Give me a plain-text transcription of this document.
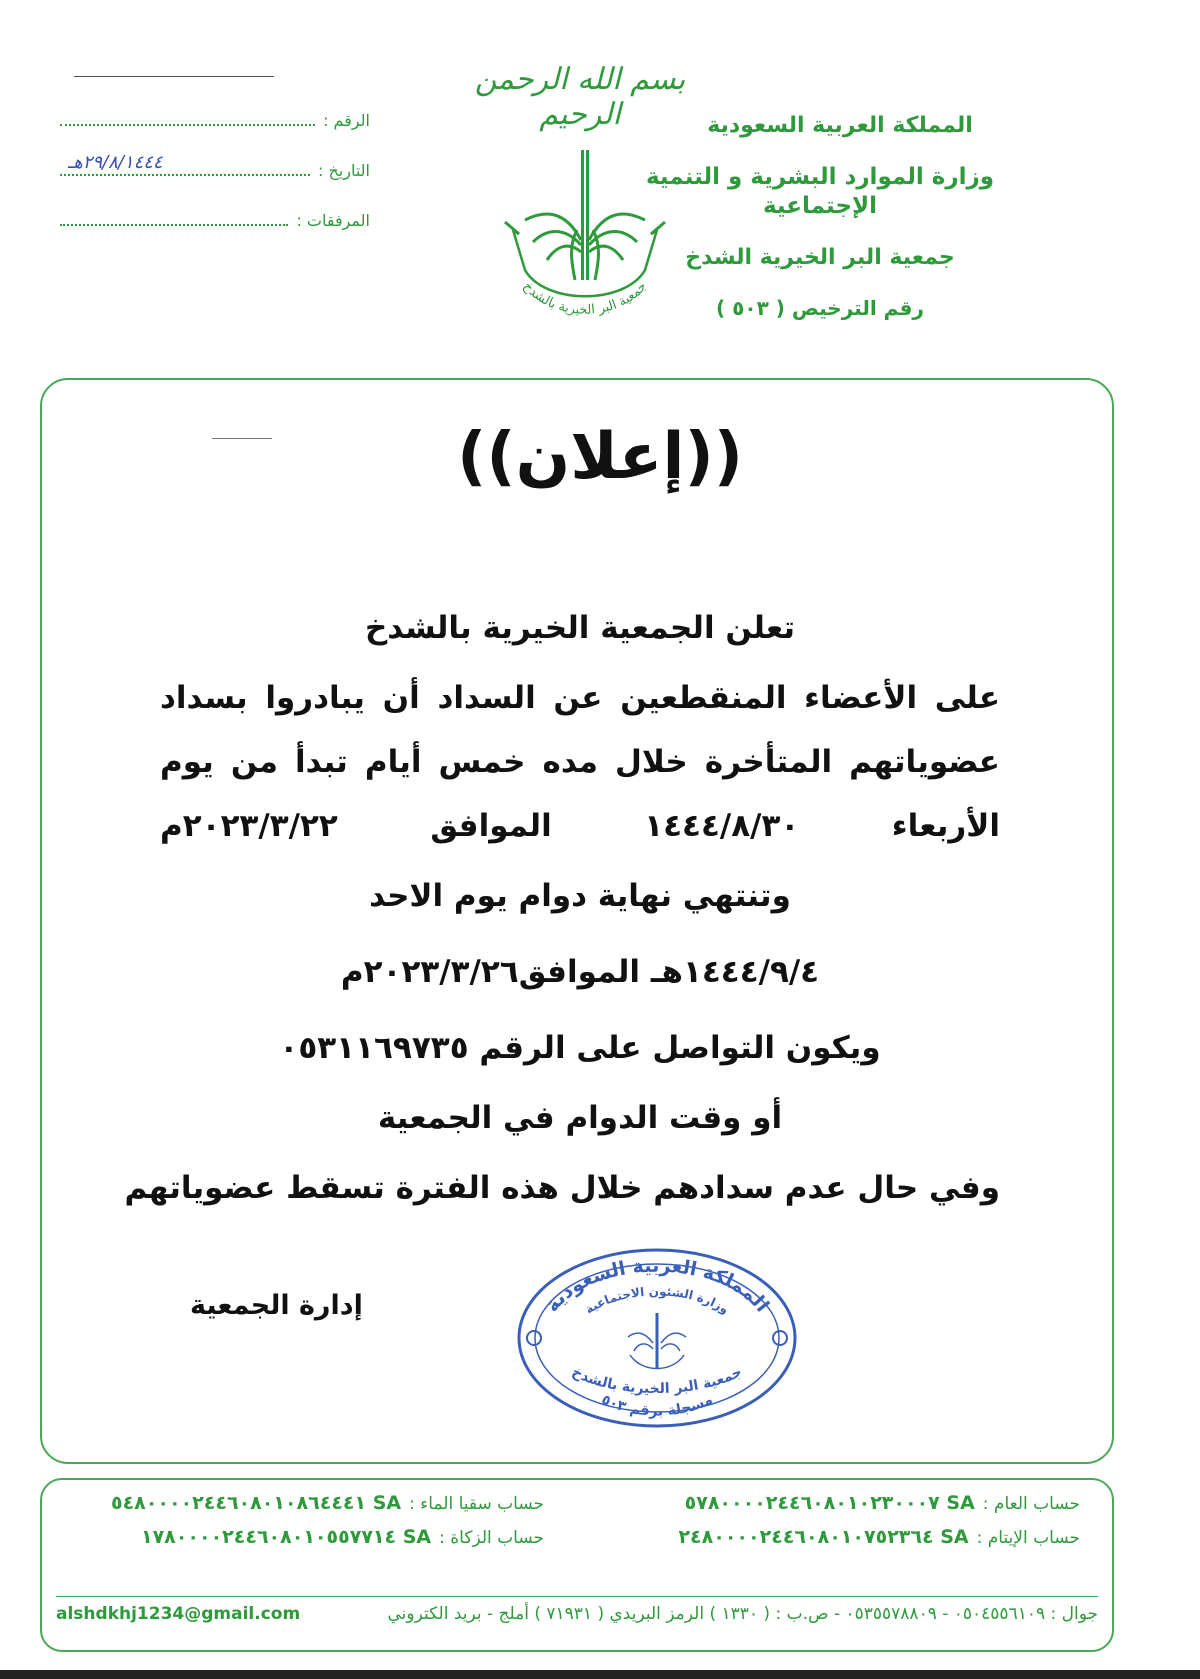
بسم الله الرحمن الرحيم
جمعية البر الخيرية بالشدخ
المملكة العربية السعودية
وزارة الموارد البشرية و التنمية الإجتماعية
جمعية البر الخيرية الشدخ
رقم الترخيص ( ٥٠٣ )
الرقم :
التاريخ :
٢٩/٨/١٤٤٤هـ
المرفقات :
((إعلان))
تعلن الجمعية الخيرية بالشدخ
على الأعضاء المنقطعين عن السداد أن يبادروا بسداد
عضوياتهم المتأخرة خلال مده خمس أيام تبدأ من يوم
الأربعاء ١٤٤٤/٨/٣٠ الموافق ٢٠٢٣/٣/٢٢م
وتنتهي نهاية دوام يوم الاحد
١٤٤٤/٩/٤هـ الموافق٢٠٢٣/٣/٢٦م
ويكون التواصل على الرقم ٠٥٣١١٦٩٧٣٥
أو وقت الدوام في الجمعية
وفي حال عدم سدادهم خلال هذه الفترة تسقط عضوياتهم
إدارة الجمعية	المملكة العربية السعودية
وزارة الشئون الاجتماعية
جمعية البر الخيرية بالشدخ
مسجلة برقم ٥٠٣
حساب العام :SA ٥٧٨٠٠٠٠٢٤٤٦٠٨٠١٠٢٣٠٠٠٧
حساب سقيا الماء :SA ٥٤٨٠٠٠٠٢٤٤٦٠٨٠١٠٨٦٤٤٤١
حساب الإيتام :SA ٢٤٨٠٠٠٠٢٤٤٦٠٨٠١٠٧٥٢٣٦٤
حساب الزكاة :SA ١٧٨٠٠٠٠٢٤٤٦٠٨٠١٠٥٥٧٧١٤
جوال : ٠٥٠٤٥٥٦١٠٩ - ٠٥٣٥٥٧٨٨٠٩ - ص.ب : ( ١٣٣٠ ) الرمز البريدي ( ٧١٩٣١ ) أملج - بريد الكتروني
alshdkhj1234@gmail.com
